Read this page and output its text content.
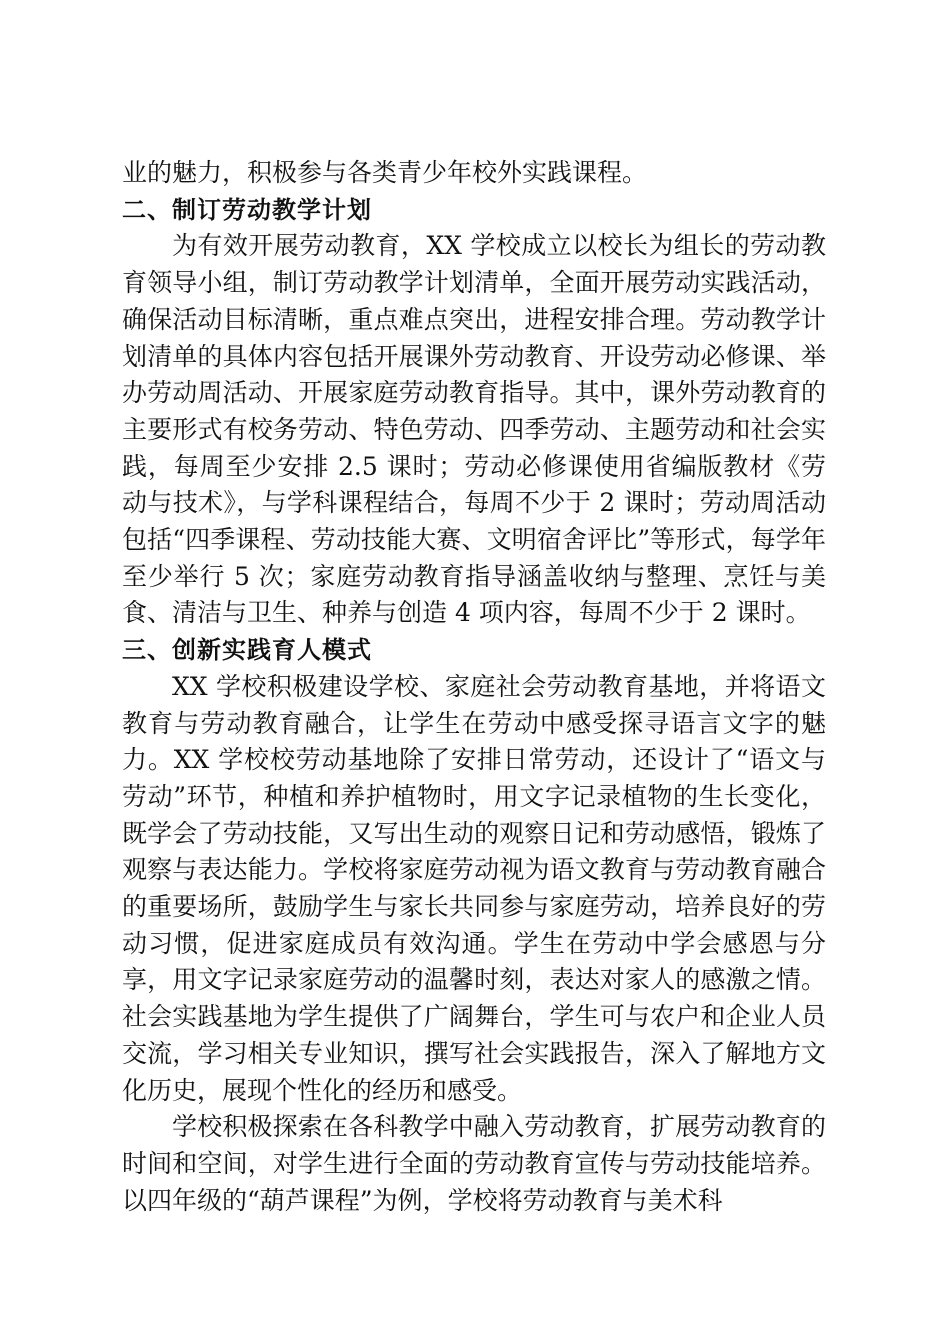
业的魅力，积极参与各类青少年校外实践课程。

二、制订劳动教学计划

为有效开展劳动教育，XX 学校成立以校长为组长的劳动教育领导小组，制订劳动教学计划清单，全面开展劳动实践活动，确保活动目标清晰，重点难点突出，进程安排合理。劳动教学计划清单的具体内容包括开展课外劳动教育、开设劳动必修课、举办劳动周活动、开展家庭劳动教育指导。其中，课外劳动教育的主要形式有校务劳动、特色劳动、四季劳动、主题劳动和社会实践，每周至少安排 2.5 课时；劳动必修课使用省编版教材《劳动与技术》，与学科课程结合，每周不少于 2 课时；劳动周活动包括“四季课程、劳动技能大赛、文明宿舍评比”等形式，每学年至少举行 5 次；家庭劳动教育指导涵盖收纳与整理、烹饪与美食、清洁与卫生、种养与创造 4 项内容，每周不少于 2 课时。

三、创新实践育人模式

XX 学校积极建设学校、家庭社会劳动教育基地，并将语文教育与劳动教育融合，让学生在劳动中感受探寻语言文字的魅力。XX 学校校劳动基地除了安排日常劳动，还设计了“语文与劳动”环节，种植和养护植物时，用文字记录植物的生长变化，既学会了劳动技能，又写出生动的观察日记和劳动感悟，锻炼了观察与表达能力。学校将家庭劳动视为语文教育与劳动教育融合的重要场所，鼓励学生与家长共同参与家庭劳动，培养良好的劳动习惯，促进家庭成员有效沟通。学生在劳动中学会感恩与分享，用文字记录家庭劳动的温馨时刻，表达对家人的感激之情。社会实践基地为学生提供了广阔舞台，学生可与农户和企业人员交流，学习相关专业知识，撰写社会实践报告，深入了解地方文化历史，展现个性化的经历和感受。

学校积极探索在各科教学中融入劳动教育，扩展劳动教育的时间和空间，对学生进行全面的劳动教育宣传与劳动技能培养。以四年级的“葫芦课程”为例，学校将劳动教育与美术科
